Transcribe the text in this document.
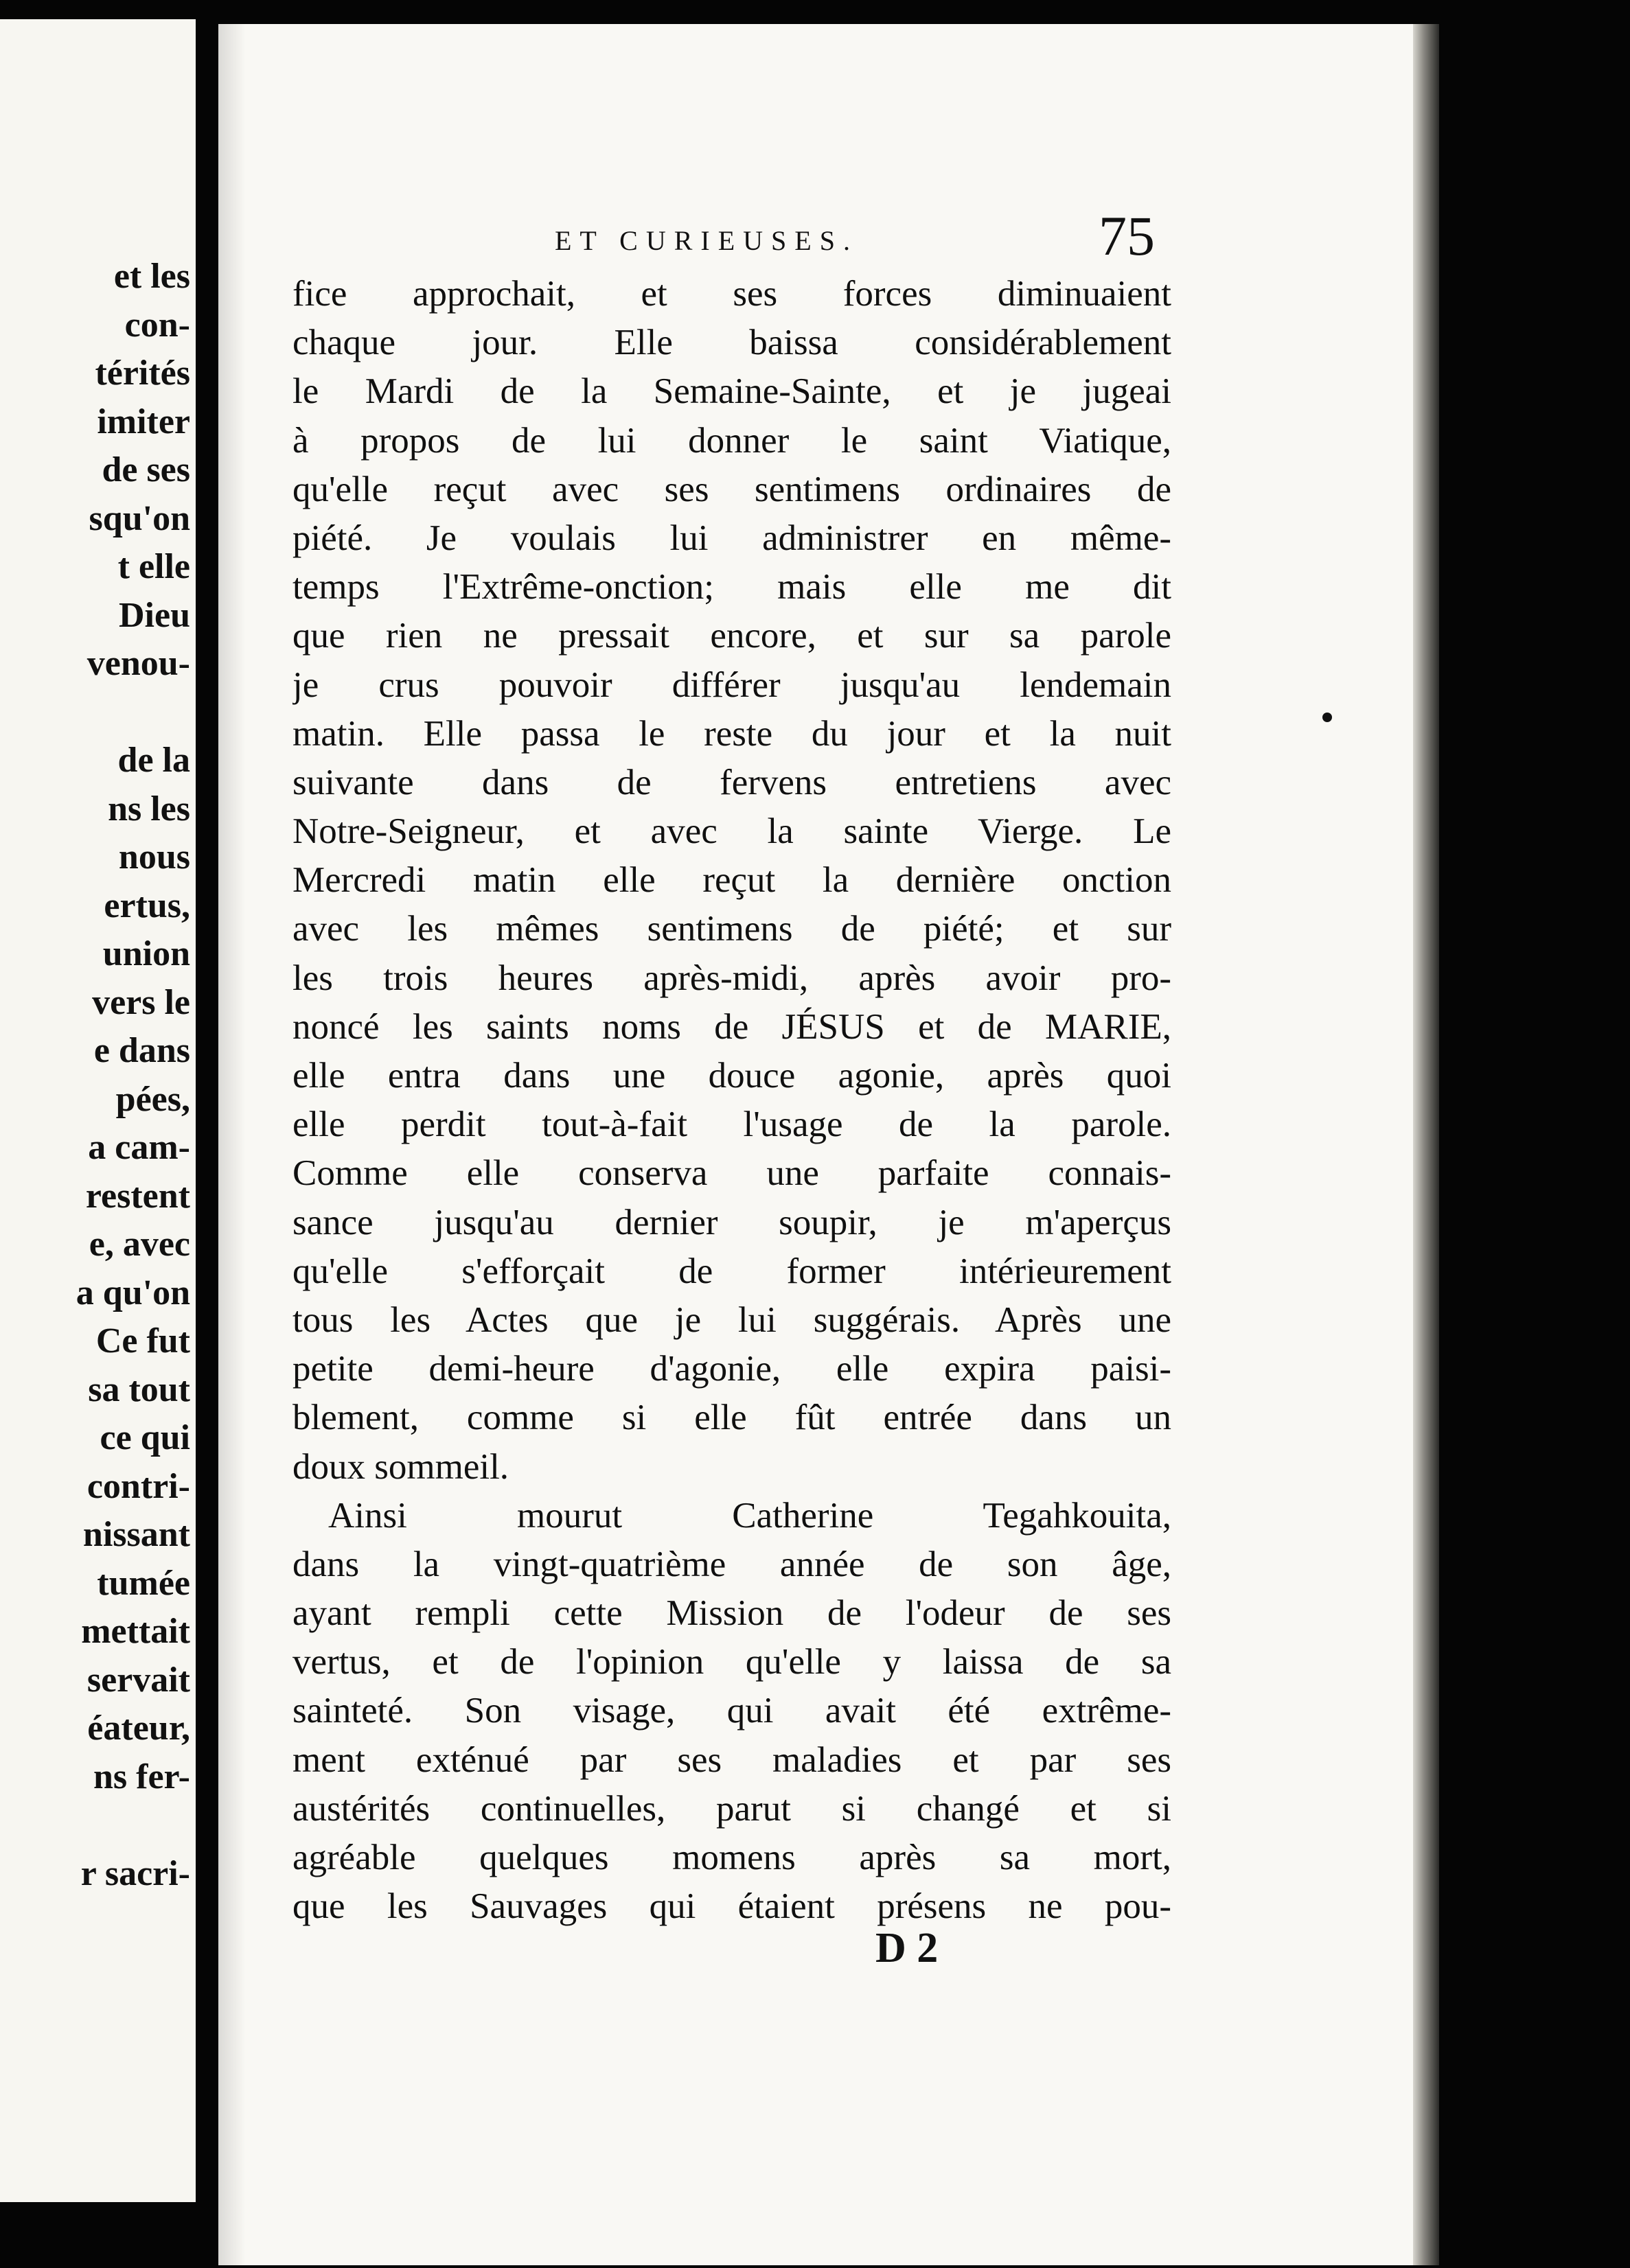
et les
con-
térités
imiter
de ses
squ'on
t elle
Dieu
venou-
de la
ns les
nous
ertus,
union
vers le
e dans
pées,
a cam-
restent
e, avec
a qu'on
Ce fut
sa tout
ce qui
contri-
nissant
tumée
mettait
servait
éateur,
ns fer-
r sacri-
ET CURIEUSES.	75
fice approchait, et ses forces diminuaient
chaque jour. Elle baissa considérablement
le Mardi de la Semaine-Sainte, et je jugeai
à propos de lui donner le saint Viatique,
qu'elle reçut avec ses sentimens ordinaires de
piété. Je voulais lui administrer en même-
temps l'Extrême-onction; mais elle me dit
que rien ne pressait encore, et sur sa parole
je crus pouvoir différer jusqu'au lendemain
matin. Elle passa le reste du jour et la nuit
suivante dans de fervens entretiens avec
Notre-Seigneur, et avec la sainte Vierge. Le
Mercredi matin elle reçut la dernière onction
avec les mêmes sentimens de piété; et sur
les trois heures après-midi, après avoir pro-
noncé les saints noms de JÉSUS et de MARIE,
elle entra dans une douce agonie, après quoi
elle perdit tout-à-fait l'usage de la parole.
Comme elle conserva une parfaite connais-
sance jusqu'au dernier soupir, je m'aperçus
qu'elle s'efforçait de former intérieurement
tous les Actes que je lui suggérais. Après une
petite demi-heure d'agonie, elle expira paisi-
blement, comme si elle fût entrée dans un
doux sommeil.
Ainsi mourut Catherine Tegahkouita,
dans la vingt-quatrième année de son âge,
ayant rempli cette Mission de l'odeur de ses
vertus, et de l'opinion qu'elle y laissa de sa
sainteté. Son visage, qui avait été extrême-
ment exténué par ses maladies et par ses
austérités continuelles, parut si changé et si
agréable quelques momens après sa mort,
que les Sauvages qui étaient présens ne pou-
D 2
